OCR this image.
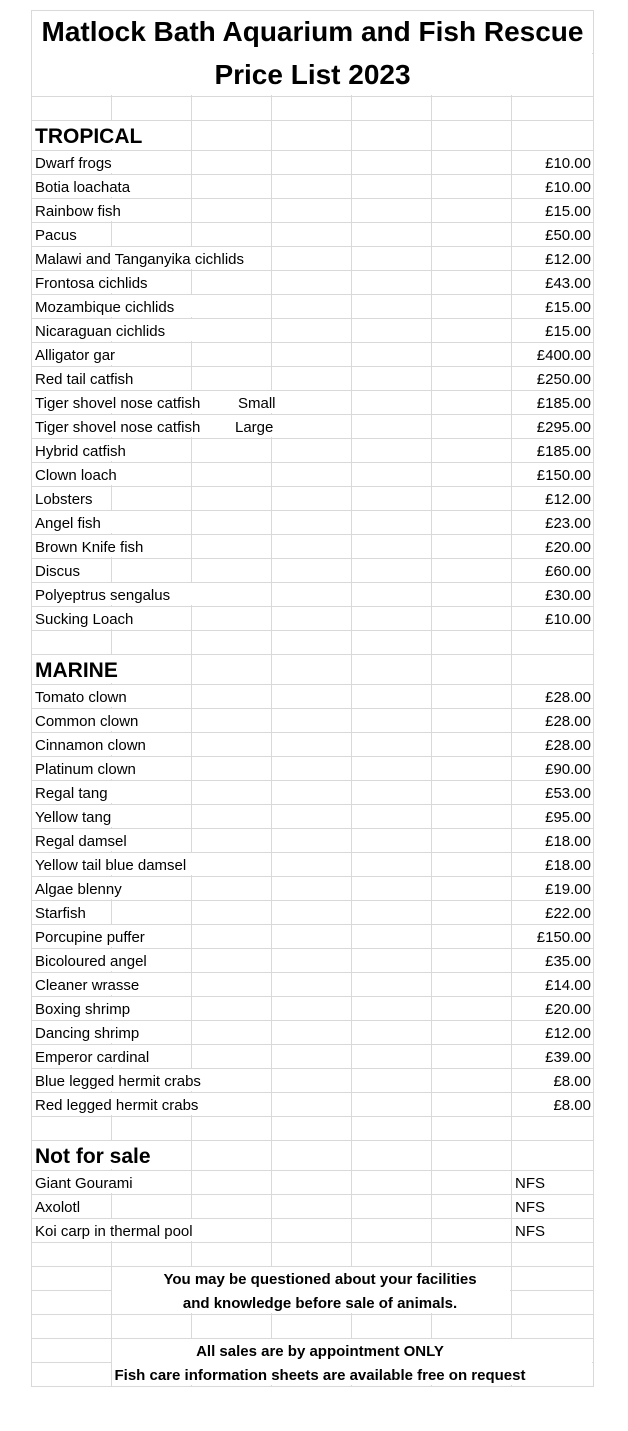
Matlock Bath Aquarium and Fish Rescue
Price List 2023
TROPICAL
Dwarf frogs	£10.00
Botia loachata	£10.00
Rainbow fish	£15.00
Pacus	£50.00
Malawi and Tanganyika cichlids	£12.00
Frontosa cichlids	£43.00
Mozambique cichlids	£15.00
Nicaraguan cichlids	£15.00
Alligator gar	£400.00
Red tail catfish	£250.00
Tiger shovel nose catfish	Small	£185.00
Tiger shovel nose catfish Large	£295.00
Hybrid catfish	£185.00
Clown loach	£150.00
Lobsters	£12.00
Angel fish	£23.00
Brown Knife fish	£20.00
Discus	£60.00
Polyeptrus sengalus	£30.00
Sucking Loach	£10.00
MARINE
Tomato clown	£28.00
Common clown	£28.00
Cinnamon clown	£28.00
Platinum clown	£90.00
Regal tang	£53.00
Yellow tang	£95.00
Regal damsel	£18.00
Yellow tail blue damsel	£18.00
Algae blenny	£19.00
Starfish	£22.00
Porcupine puffer	£150.00
Bicoloured angel	£35.00
Cleaner wrasse	£14.00
Boxing shrimp	£20.00
Dancing shrimp	£12.00
Emperor cardinal	£39.00
Blue legged hermit crabs	£8.00
Red legged hermit crabs	£8.00
Not for sale
Giant Gourami	NFS
Axolotl	NFS
Koi carp in thermal pool	NFS
You may be questioned about your facilities
and knowledge before sale of animals.
All sales are by appointment ONLY
Fish care information sheets are available free on request
